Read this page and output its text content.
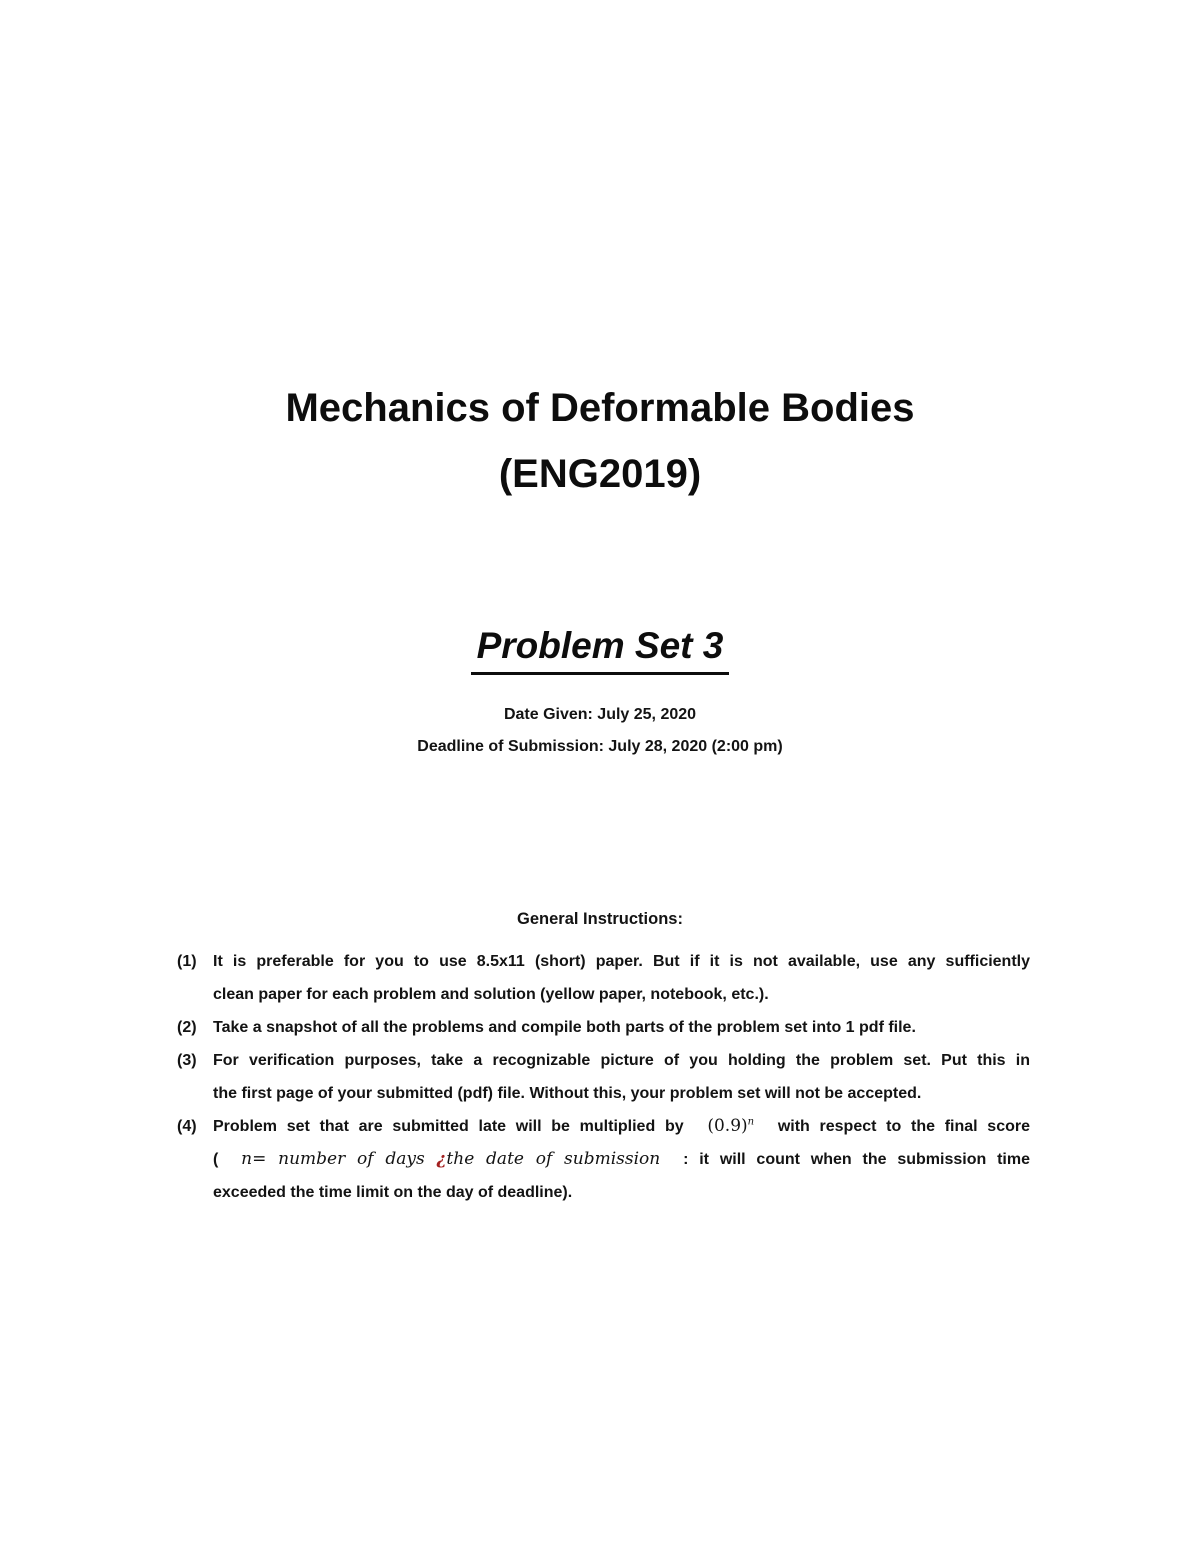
Mechanics of Deformable Bodies
(ENG2019)
Problem Set 3
Date Given: July 25, 2020
Deadline of Submission: July 28, 2020 (2:00 pm)
General Instructions:
(1)	It is preferable for you to use 8.5x11 (short) paper. But if it is not available, use any sufficiently
clean paper for each problem and solution (yellow paper, notebook, etc.).
(2)	Take a snapshot of all the problems and compile both parts of the problem set into 1 pdf file.
(3)	For verification purposes, take a recognizable picture of you holding the problem set. Put this in
the first page of your submitted (pdf) file. Without this, your problem set will not be accepted.
(4)	Problem set that are submitted late will be multiplied by $(0.9)^n$ with respect to the final score
( n= number of days ¿the date of submission : it will count when the submission time
exceeded the time limit on the day of deadline).
